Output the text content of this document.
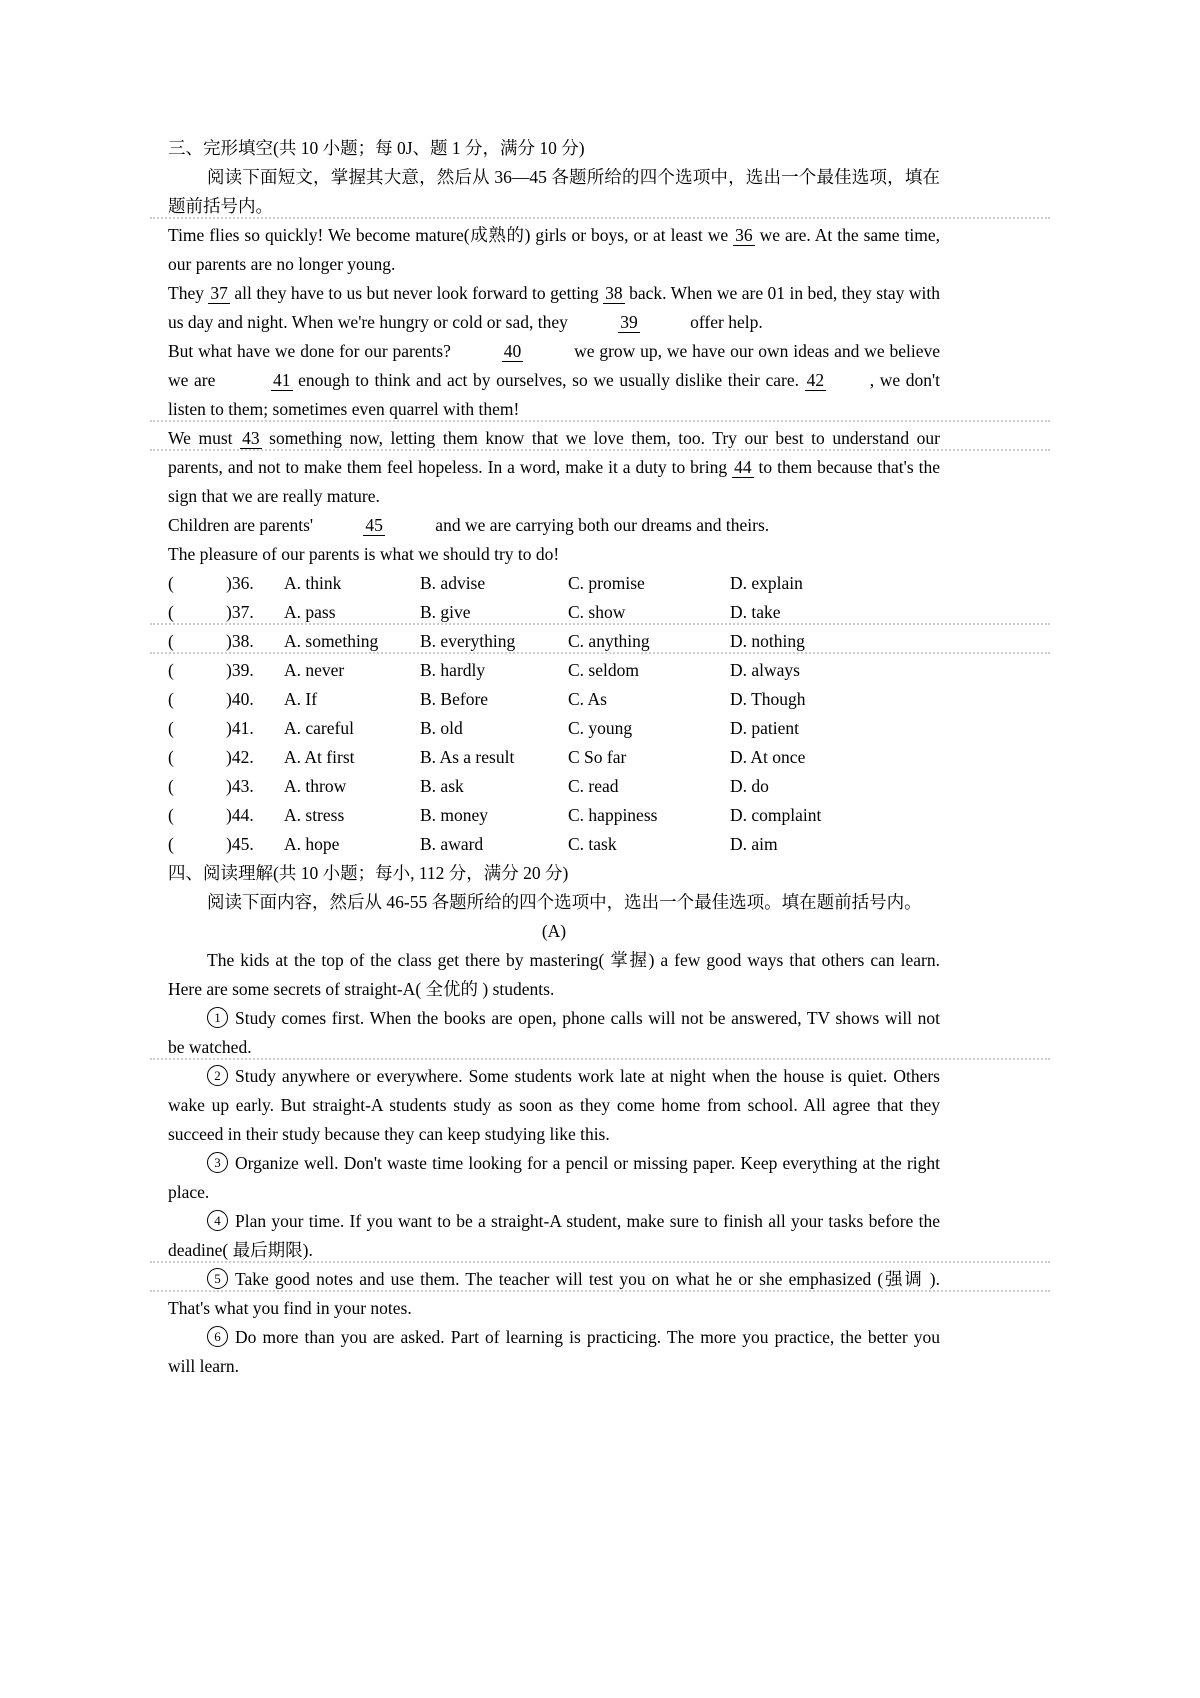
三、完形填空(共 10 小题；每 0J、题 1 分，满分 10 分)

阅读下面短文，掌握其大意，然后从 36—45 各题所给的四个选项中，选出一个最佳选项，填在题前括号内。

Time flies so quickly! We become mature(成熟的) girls or boys, or at least we 36 we are. At the same time, our parents are no longer young.

They 37 all they have to us but never look forward to getting 38 back. When we are 01 in bed, they stay with us day and night. When we're hungry or cold or sad, they	39	offer help.

But what have we done for our parents?	40	we grow up, we have our own ideas and we believe we are	41 enough to think and act by ourselves, so we usually dislike their care. 42 , we don't listen to them; sometimes even quarrel with them!

We must 43 something now, letting them know that we love them, too. Try our best to understand our parents, and not to make them feel hopeless. In a word, make it a duty to bring 44 to them because that's the sign that we are really mature.

Children are parents'	45	and we are carrying both our dreams and theirs.

The pleasure of our parents is what we should try to do!

(	)36.	A. think	B. advise	C. promise	D. explain
(	)37.	A. pass	B. give	C. show	D. take
(	)38.	A. something	B. everything	C. anything	D. nothing
(	)39.	A. never	B. hardly	C. seldom	D. always
(	)40.	A. If	B. Before	C. As	D. Though
(	)41.	A. careful	B. old	C. young	D. patient
(	)42.	A. At first	B. As a result	C So far	D. At once
(	)43.	A. throw	B. ask	C. read	D. do
(	)44.	A. stress	B. money	C. happiness	D. complaint
(	)45.	A. hope	B. award	C. task	D. aim

四、阅读理解(共 10 小题；每小, 112 分，满分 20 分)

阅读下面内容，然后从 46-55 各题所给的四个选项中，选出一个最佳选项。填在题前括号内。

(A)

The kids at the top of the class get there by mastering( 掌握) a few good ways that others can learn. Here are some secrets of straight-A( 全优的 ) students.

1 Study comes first. When the books are open, phone calls will not be answered, TV shows will not be watched.

2 Study anywhere or everywhere. Some students work late at night when the house is quiet. Others wake up early. But straight-A students study as soon as they come home from school. All agree that they succeed in their study because they can keep studying like this.

3 Organize well. Don't waste time looking for a pencil or missing paper. Keep everything at the right place.

4 Plan your time. If you want to be a straight-A student, make sure to finish all your tasks before the deadine( 最后期限).

5 Take good notes and use them. The teacher will test you on what he or she emphasized (强调 ). That's what you find in your notes.

6 Do more than you are asked. Part of learning is practicing. The more you practice, the better you will learn.
